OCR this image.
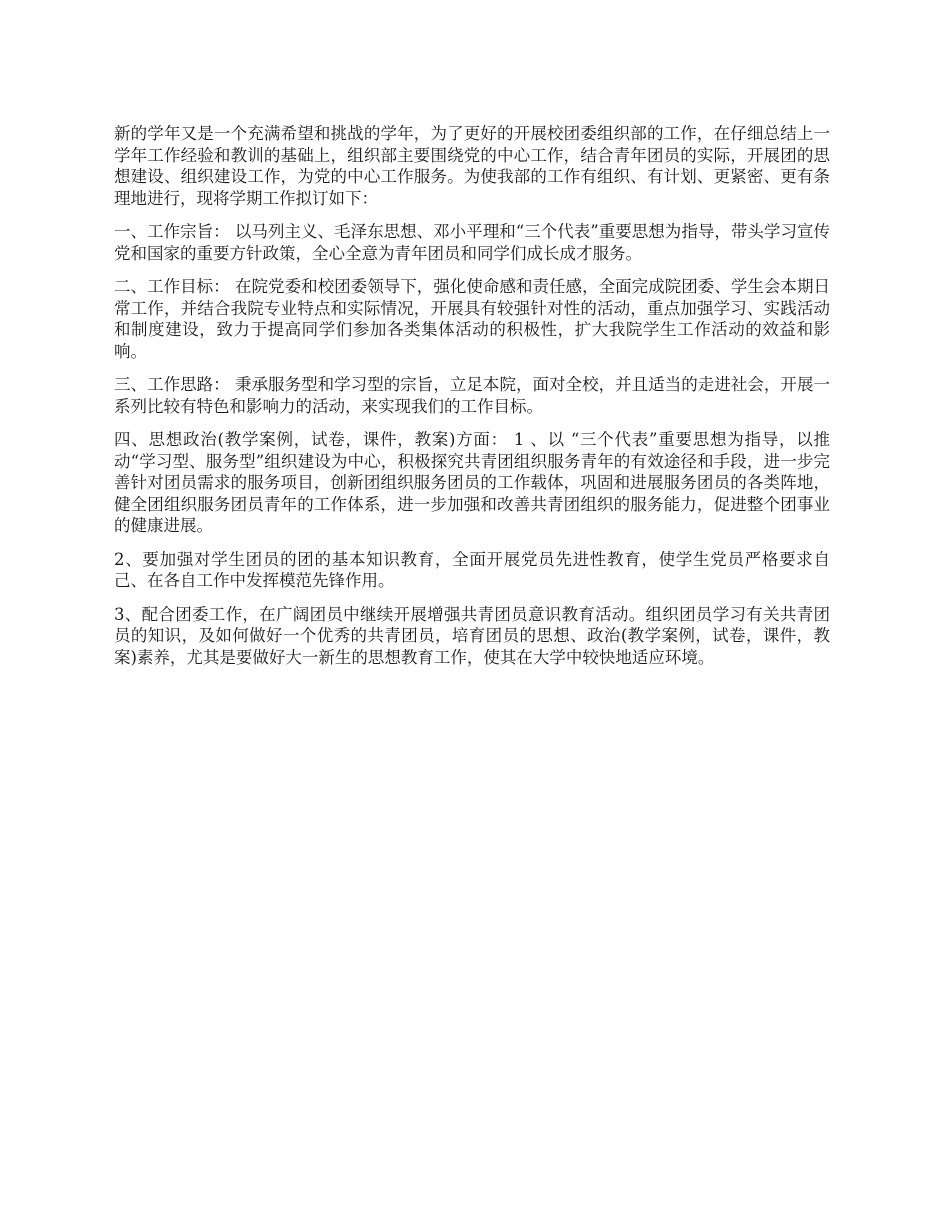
新的学年又是一个充满希望和挑战的学年，为了更好的开展校团委组织部的工作，在仔细总结上一学年工作经验和教训的基础上，组织部主要围绕党的中心工作，结合青年团员的实际，开展团的思想建设、组织建设工作，为党的中心工作服务。为使我部的工作有组织、有计划、更紧密、更有条理地进行，现将学期工作拟订如下：

一、工作宗旨： 以马列主义、毛泽东思想、邓小平理和“三个代表”重要思想为指导，带头学习宣传党和国家的重要方针政策，全心全意为青年团员和同学们成长成才服务。

二、工作目标： 在院党委和校团委领导下，强化使命感和责任感，全面完成院团委、学生会本期日常工作，并结合我院专业特点和实际情况，开展具有较强针对性的活动，重点加强学习、实践活动和制度建设，致力于提高同学们参加各类集体活动的积极性，扩大我院学生工作活动的效益和影响。

三、工作思路： 秉承服务型和学习型的宗旨，立足本院，面对全校，并且适当的走进社会，开展一系列比较有特色和影响力的活动，来实现我们的工作目标。

四、思想政治(教学案例，试卷，课件，教案)方面： 1 、以 “三个代表”重要思想为指导，以推动“学习型、服务型”组织建设为中心，积极探究共青团组织服务青年的有效途径和手段，进一步完善针对团员需求的服务项目，创新团组织服务团员的工作载体，巩固和进展服务团员的各类阵地，健全团组织服务团员青年的工作体系，进一步加强和改善共青团组织的服务能力，促进整个团事业的健康进展。

2、要加强对学生团员的团的基本知识教育，全面开展党员先进性教育，使学生党员严格要求自己、在各自工作中发挥模范先锋作用。

3、配合团委工作，在广阔团员中继续开展增强共青团员意识教育活动。组织团员学习有关共青团员的知识，及如何做好一个优秀的共青团员，培育团员的思想、政治(教学案例，试卷，课件，教案)素养，尤其是要做好大一新生的思想教育工作，使其在大学中较快地适应环境。
